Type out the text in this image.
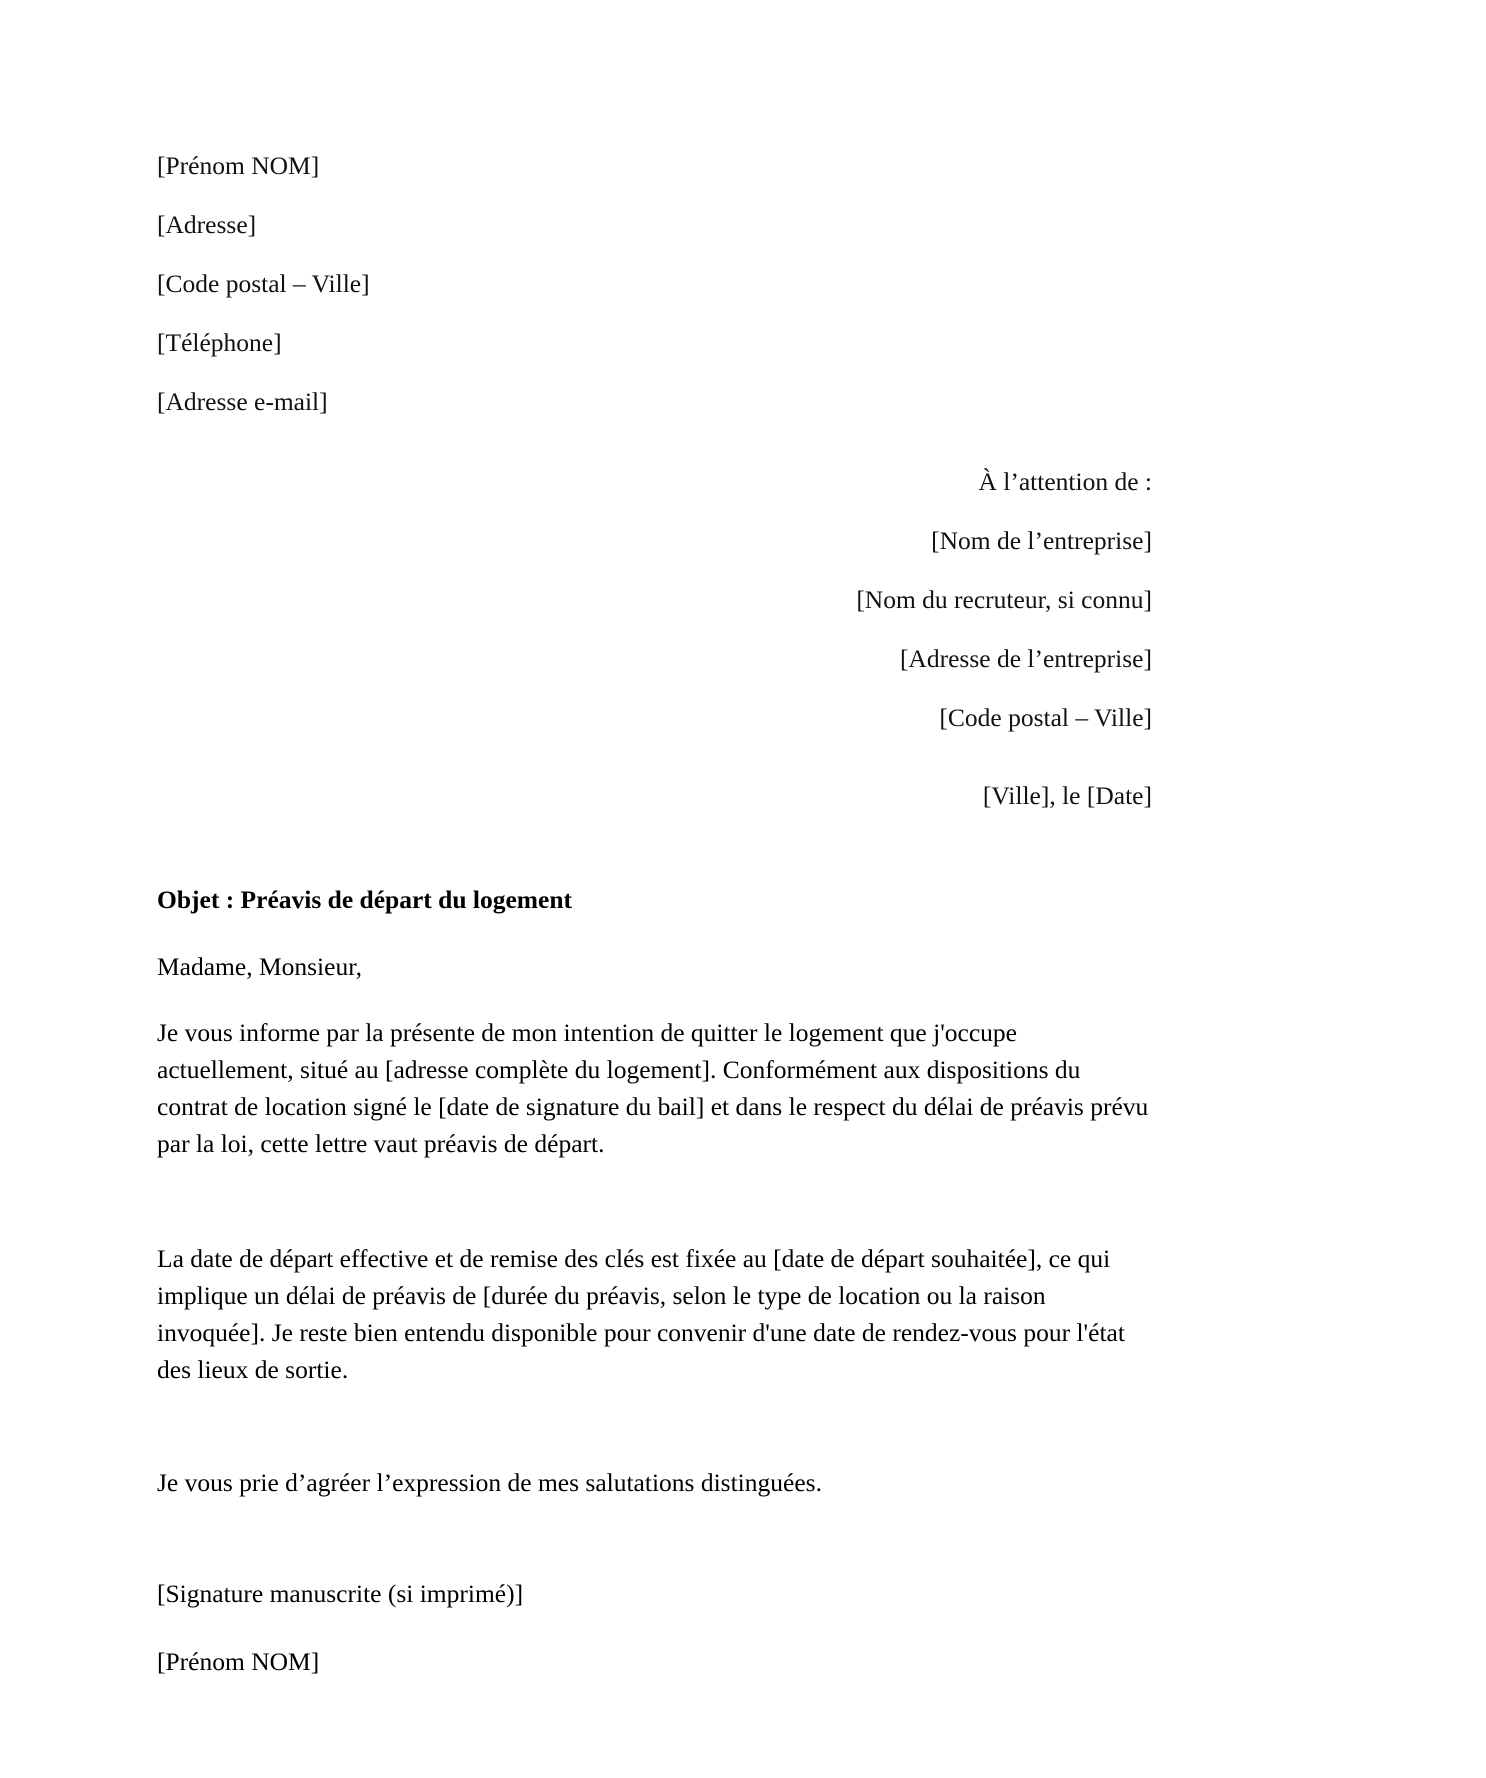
[Prénom NOM]
[Adresse]
[Code postal – Ville]
[Téléphone]
[Adresse e-mail]
À l’attention de :
[Nom de l’entreprise]
[Nom du recruteur, si connu]
[Adresse de l’entreprise]
[Code postal – Ville]
[Ville], le [Date]
Objet : Préavis de départ du logement
Madame, Monsieur,

Je vous informe par la présente de mon intention de quitter le logement que j'occupe actuellement, situé au [adresse complète du logement]. Conformément aux dispositions du contrat de location signé le [date de signature du bail] et dans le respect du délai de préavis prévu par la loi, cette lettre vaut préavis de départ.

La date de départ effective et de remise des clés est fixée au [date de départ souhaitée], ce qui implique un délai de préavis de [durée du préavis, selon le type de location ou la raison invoquée]. Je reste bien entendu disponible pour convenir d'une date de rendez-vous pour l'état des lieux de sortie.

Je vous prie d’agréer l’expression de mes salutations distinguées.
[Signature manuscrite (si imprimé)]
[Prénom NOM]
